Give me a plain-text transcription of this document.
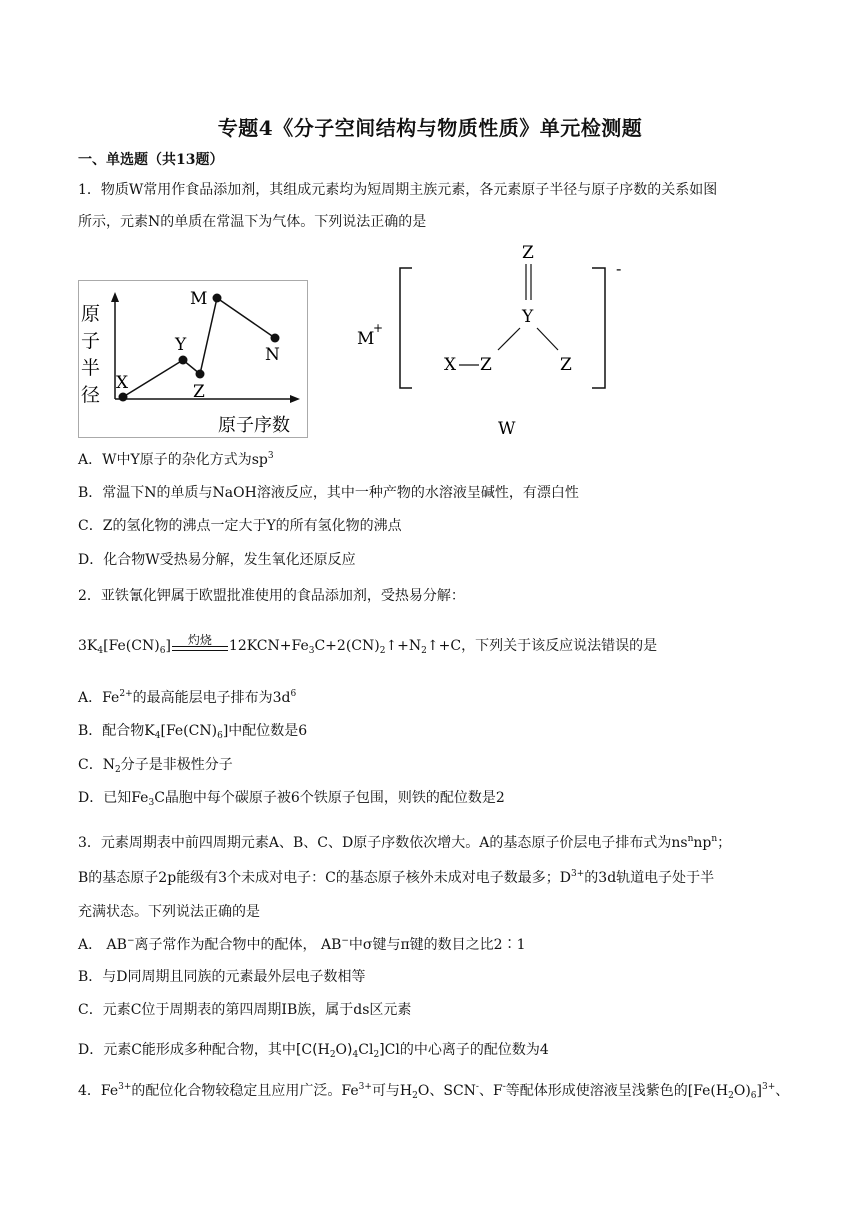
专题4《分子空间结构与物质性质》单元检测题
一、单选题（共13题）
1．物质W常用作食品添加剂，其组成元素均为短周期主族元素，各元素原子半径与原子序数的关系如图
所示，元素N的单质在常温下为气体。下列说法正确的是
原
子
半
径
原子序数
X
Y
Z
M
N
M
+
-
Z
Y
X Z	Z
W
A．W中Y原子的杂化方式为$sp^3$
B．常温下N的单质与NaOH溶液反应，其中一种产物的水溶液呈碱性，有漂白性
C．Z的氢化物的沸点一定大于Y的所有氢化物的沸点
D．化合物W受热易分解，发生氧化还原反应
2．亚铁氰化钾属于欧盟批准使用的食品添加剂，受热易分解：
$3K_4[Fe(CN)_6]$	灼烧	$12KCN+Fe_3C+2(CN)_2↑+N_2↑+C$，下列关于该反应说法错误的是
A．$Fe^{2+}$的最高能层电子排布为$3d^6$
B．配合物$K_4[Fe(CN)_6]$中配位数是6
C．$N_2$分子是非极性分子
D．已知$Fe_3C$晶胞中每个碳原子被6个铁原子包围，则铁的配位数是2
3．元素周期表中前四周期元素A、B、C、D原子序数依次增大。A的基态原子价层电子排布式为$ns^nnp^n$；
B的基态原子2p能级有3个未成对电子：C的基态原子核外未成对电子数最多；$D^{3+}$的3d轨道电子处于半
充满状态。下列说法正确的是
A． AB−离子常作为配合物中的配体， AB−中σ键与π键的数目之比2∶1
B．与D同周期且同族的元素最外层电子数相等
C．元素C位于周期表的第四周期ⅠB族，属于ds区元素
D．元素C能形成多种配合物，其中$[C(H_2O)_4Cl_2]Cl$的中心离子的配位数为4
4．$Fe^{3+}$的配位化合物较稳定且应用广泛。$Fe^{3+}$可与$H_2O$、SCN-、F-等配体形成使溶液呈浅紫色的$[Fe(H_2O)_6]^{3+}$、
